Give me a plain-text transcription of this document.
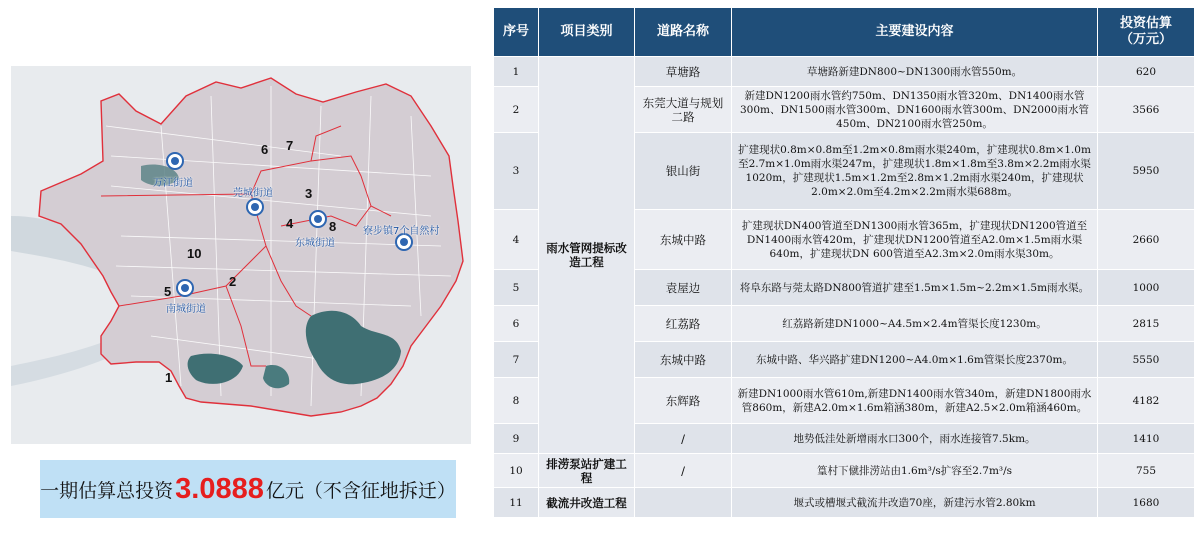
万江街道
莞城街道
东城街道
南城街道
寮步镇7个自然村
1
2
3
4
5
6 7
8
10
一期估算总投资 3.0888 亿元（不含征地拆迁）
序号	项目类别	道路名称	主要建设内容	投资估算（万元）
1	雨水管网提标改造工程	草塘路	草塘路新建DN800~DN1300雨水管550m。	620
2		东莞大道与规划二路	新建DN1200雨水管约750m、DN1350雨水管320m、DN1400雨水管300m、DN1500雨水管300m、DN1600雨水管300m、DN2000雨水管450m、DN2100雨水管250m。	3566
3		银山街	扩建现状0.8m×0.8m至1.2m×0.8m雨水渠240m，扩建现状0.8m×1.0m至2.7m×1.0m雨水渠247m，扩建现状1.8m×1.8m至3.8m×2.2m雨水渠1020m，扩建现状1.5m×1.2m至2.8m×1.2m雨水渠240m，扩建现状2.0m×2.0m至4.2m×2.2m雨水渠688m。	5950
4		东城中路	扩建现状DN400管道至DN1300雨水管365m，扩建现状DN1200管道至DN1400雨水管420m，扩建现状DN1200管道至A2.0m×1.5m雨水渠640m，扩建现状DN 600管道至A2.3m×2.0m雨水渠30m。	2660
5		袁屋边	将阜东路与莞太路DN800管道扩建至1.5m×1.5m~2.2m×1.5m雨水渠。	1000
6		红荔路	红荔路新建DN1000~A4.5m×2.4m管渠长度1230m。	2815
7		东城中路	东城中路、华兴路扩建DN1200~A4.0m×1.6m管渠长度2370m。	5550
8		东辉路	新建DN1000雨水管610m,新建DN1400雨水管340m，新建DN1800雨水管860m，新建A2.0m×1.6m箱涵380m，新建A2.5×2.0m箱涵460m。	4182
9		/	地势低洼处新增雨水口300个，雨水连接管7.5km。	1410
10	排涝泵站扩建工程	/	篁村下僦排涝站由1.6m³/s扩容至2.7m³/s	755
11	截流井改造工程		堰式或槽堰式截流井改造70座，新建污水管2.80km	1680
